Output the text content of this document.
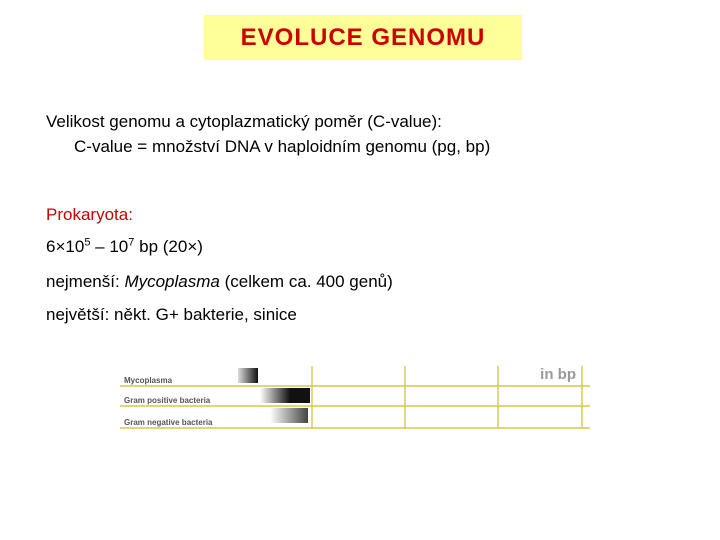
EVOLUCE GENOMU
Velikost genomu a cytoplazmatický poměr (C-value):
C-value = množství DNA v haploidním genomu (pg, bp)
Prokaryota:
$6\times 10^5 - 10^7$ bp (20×)
nejmenší: Mycoplasma (celkem ca. 400 genů)
největší: někt. G+ bakterie, sinice
Mycoplasma
Gram positive bacteria
Gram negative bacteria
in bp
